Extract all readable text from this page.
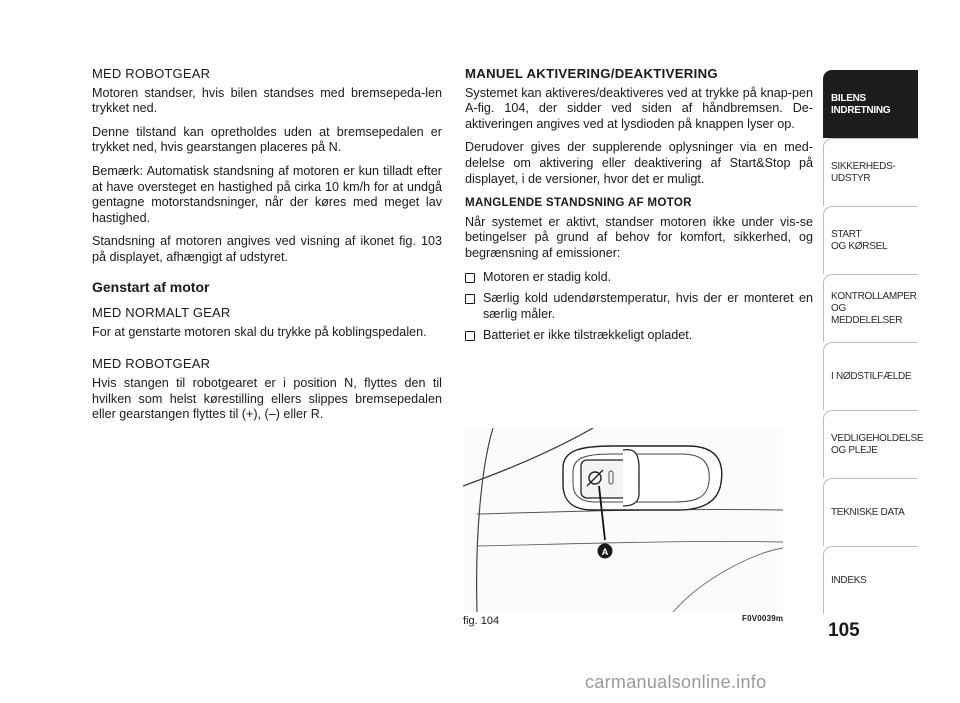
MED ROBOTGEAR

Motoren standser, hvis bilen standses med bremsepeda-len trykket ned.

Denne tilstand kan opretholdes uden at bremsepedalen er trykket ned, hvis gearstangen placeres på N.

Bemærk: Automatisk standsning af motoren er kun tilladt efter at have oversteget en hastighed på cirka 10 km/h for at undgå gentagne motorstandsninger, når der køres med meget lav hastighed.

Standsning af motoren angives ved visning af ikonet fig. 103 på displayet, afhængigt af udstyret.

Genstart af motor
MED NORMALT GEAR

For at genstarte motoren skal du trykke på koblingspedalen.

MED ROBOTGEAR

Hvis stangen til robotgearet er i position N, flyttes den til hvilken som helst kørestilling ellers slippes bremsepedalen eller gearstangen flyttes til (+), (–) eller R.

MANUEL AKTIVERING/DEAKTIVERING

Systemet kan aktiveres/deaktiveres ved at trykke på knap-pen A-fig. 104, der sidder ved siden af håndbremsen. De-aktiveringen angives ved at lysdioden på knappen lyser op.

Derudover gives der supplerende oplysninger via en med-delelse om aktivering eller deaktivering af Start&Stop på displayet, i de versioner, hvor det er muligt.

MANGLENDE STANDSNING AF MOTOR

Når systemet er aktivt, standser motoren ikke under vis-se betingelser på grund af behov for komfort, sikkerhed, og begrænsning af emissioner:

Motoren er stadig kold.
Særlig kold udendørstemperatur, hvis der er monteret en særlig måler.
Batteriet er ikke tilstrækkeligt opladet.
A
fig. 104	F0V0039m
BILENS
INDRETNING
SIKKERHEDS-
UDSTYR
START
OG KØRSEL
KONTROLLAMPER
OG MEDDELELSER
I NØDSTILFÆLDE
VEDLIGEHOLDELSE
OG PLEJE
TEKNISKE DATA
INDEKS
105
carmanualsonline.info
